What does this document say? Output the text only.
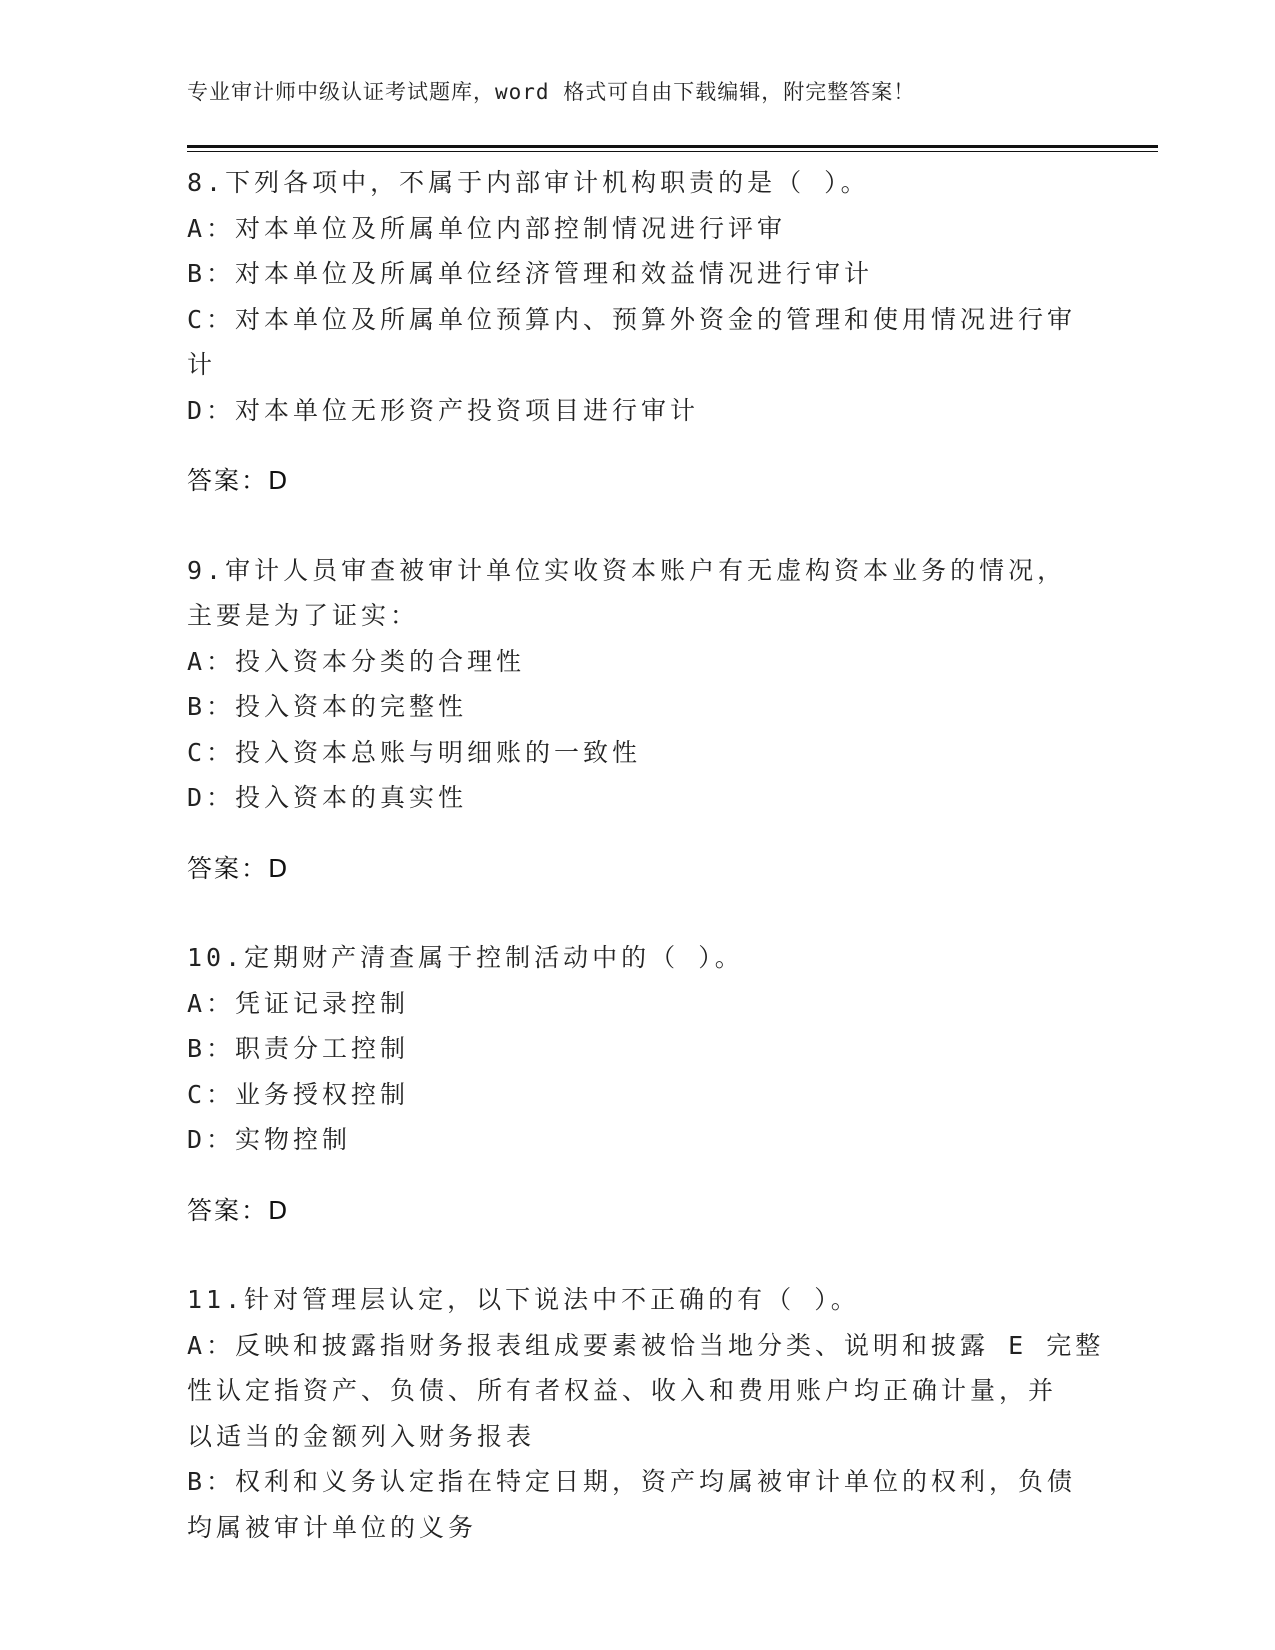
专业审计师中级认证考试题库，word 格式可自由下载编辑，附完整答案！

8.下列各项中，不属于内部审计机构职责的是（ ）。

A：对本单位及所属单位内部控制情况进行评审

B：对本单位及所属单位经济管理和效益情况进行审计

C：对本单位及所属单位预算内、预算外资金的管理和使用情况进行审

计

D：对本单位无形资产投资项目进行审计

答案：D

9.审计人员审查被审计单位实收资本账户有无虚构资本业务的情况，

主要是为了证实：

A：投入资本分类的合理性

B：投入资本的完整性

C：投入资本总账与明细账的一致性

D：投入资本的真实性

答案：D

10.定期财产清查属于控制活动中的（ ）。

A：凭证记录控制

B：职责分工控制

C：业务授权控制

D：实物控制

答案：D

11.针对管理层认定，以下说法中不正确的有（ ）。

A：反映和披露指财务报表组成要素被恰当地分类、说明和披露 E 完整

性认定指资产、负债、所有者权益、收入和费用账户均正确计量，并

以适当的金额列入财务报表

B：权利和义务认定指在特定日期，资产均属被审计单位的权利，负债

均属被审计单位的义务
